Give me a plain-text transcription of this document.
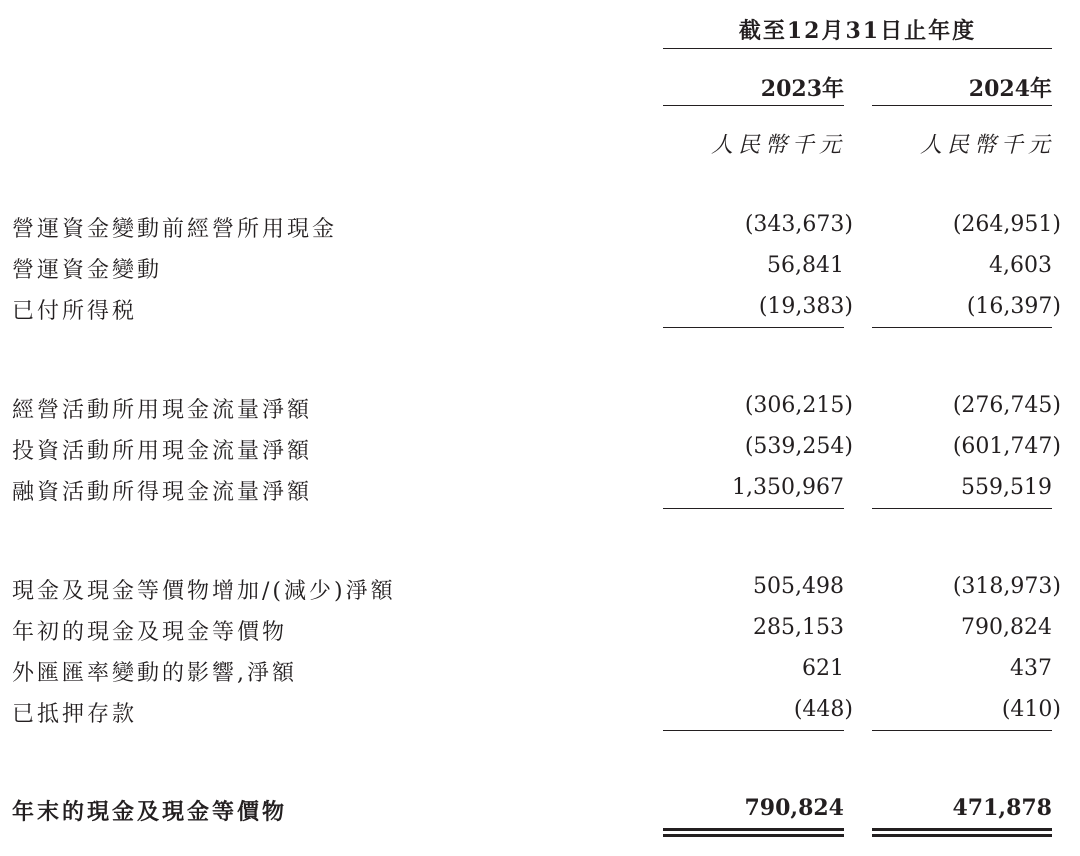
截至12月31日止年度
2023年	2024年
人民幣千元	人民幣千元
營運資金變動前經營所用現金	(343,673)	(264,951)
營運資金變動	56,841	4,603
已付所得税	(19,383)	(16,397)
經營活動所用現金流量淨額	(306,215)	(276,745)
投資活動所用現金流量淨額	(539,254)	(601,747)
融資活動所得現金流量淨額	1,350,967	559,519
現金及現金等價物增加/(減少)淨額	505,498	(318,973)
年初的現金及現金等價物	285,153	790,824
外匯匯率變動的影響,淨額	621	437
已抵押存款	(448)	(410)
年末的現金及現金等價物	790,824	471,878
